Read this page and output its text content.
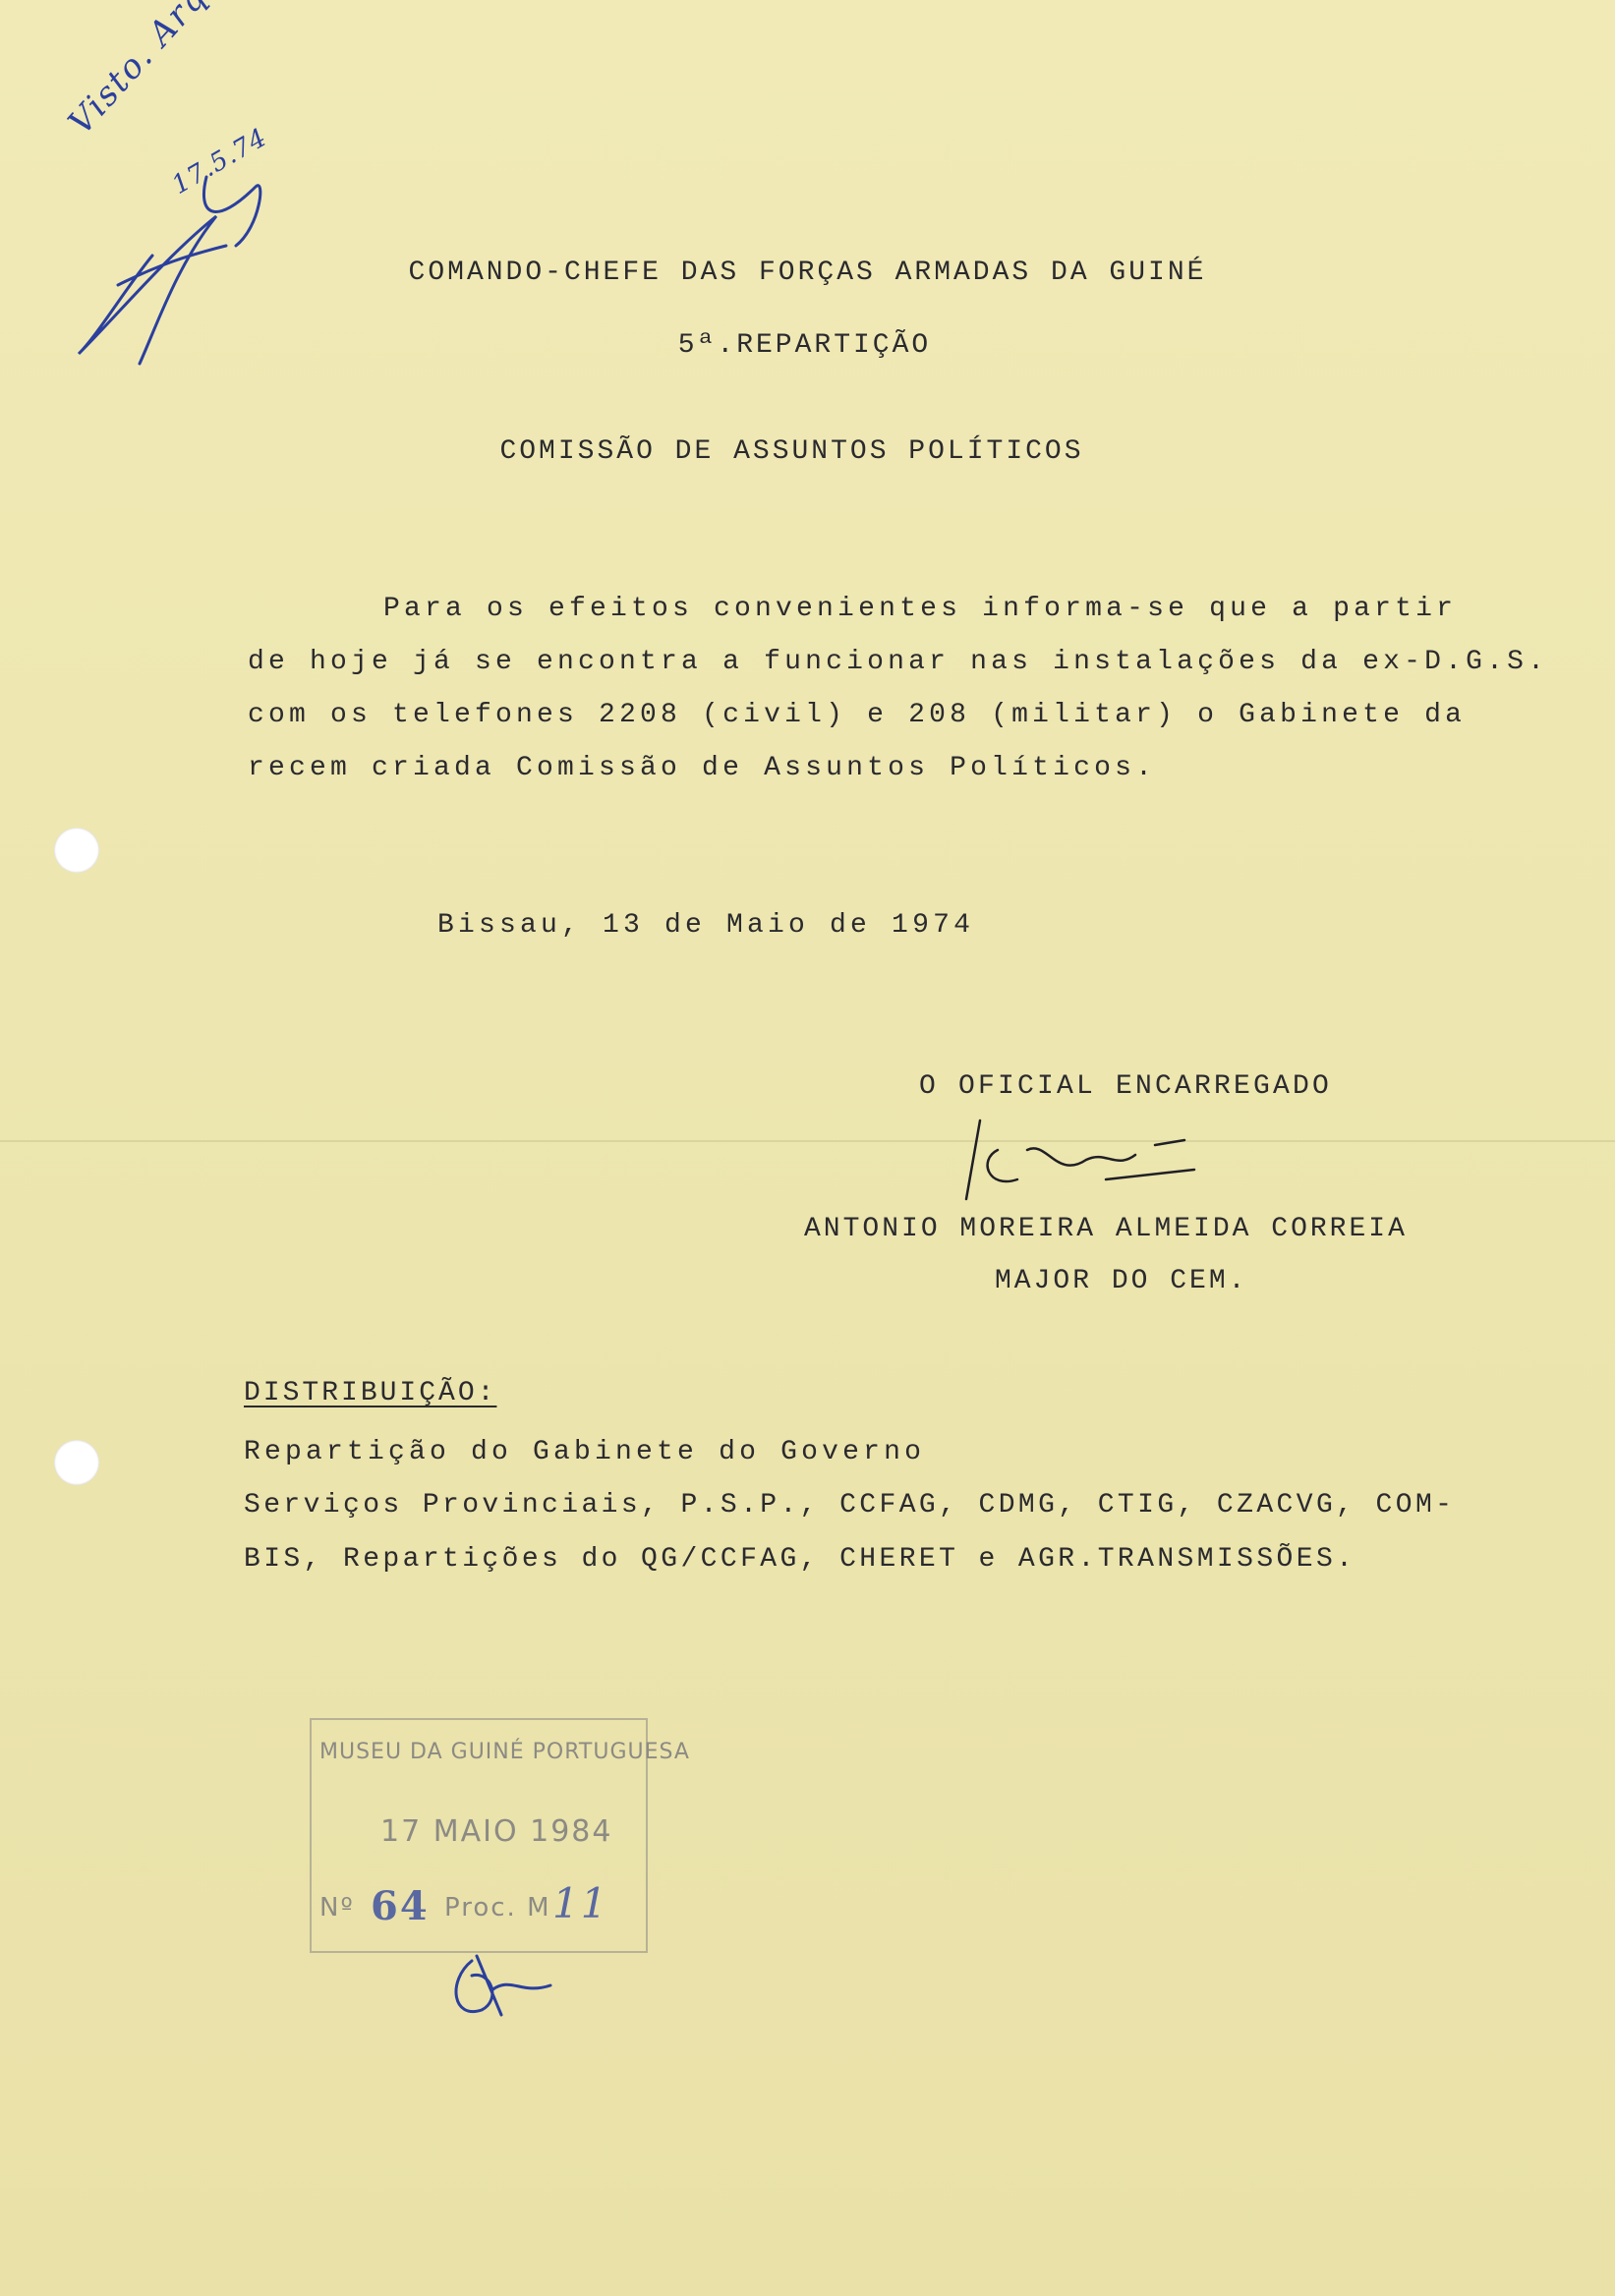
17.5.74
COMANDO-CHEFE DAS FORÇAS ARMADAS DA GUINÉ
5ª.REPARTIÇÃO
COMISSÃO DE ASSUNTOS POLÍTICOS
Para os efeitos convenientes informa-se que a partir
de hoje já se encontra a funcionar nas instalações da ex-D.G.S.
com os telefones 2208 (civil) e 208 (militar) o Gabinete da
recem criada Comissão de Assuntos Políticos.
Bissau, 13 de Maio de 1974
O OFICIAL ENCARREGADO
ANTONIO MOREIRA ALMEIDA CORREIA
MAJOR DO CEM.
DISTRIBUIÇÃO:
Repartição do Gabinete do Governo
Serviços Provinciais, P.S.P., CCFAG, CDMG, CTIG, CZACVG, COM-
BIS, Repartições do QG/CCFAG, CHERET e AGR.TRANSMISSÕES.
MUSEU DA GUINÉ PORTUGUESA
17 MAIO 1984
Nº 64 Proc. M 11
